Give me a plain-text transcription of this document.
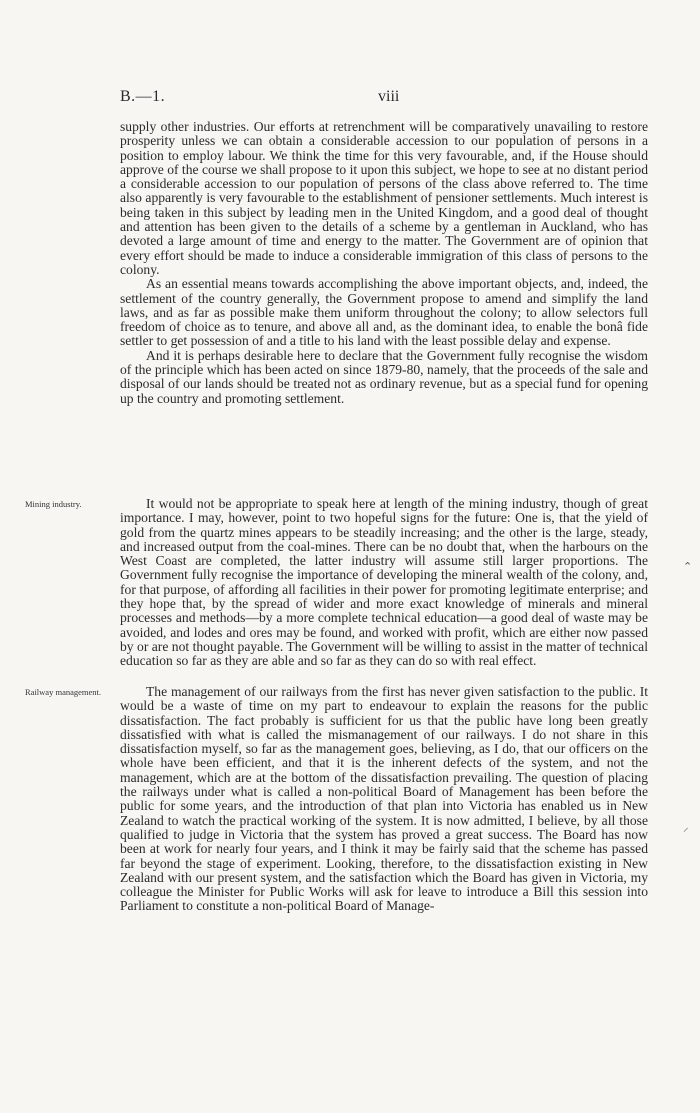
B.—1.	viii

supply other industries. Our efforts at retrenchment will be comparatively unavailing to restore prosperity unless we can obtain a considerable accession to our population of persons in a position to employ labour. We think the time for this very favourable, and, if the House should approve of the course we shall propose to it upon this subject, we hope to see at no distant period a considerable accession to our population of persons of the class above referred to. The time also apparently is very favourable to the establishment of pensioner settlements. Much interest is being taken in this subject by leading men in the United Kingdom, and a good deal of thought and attention has been given to the details of a scheme by a gentleman in Auckland, who has devoted a large amount of time and energy to the matter. The Government are of opinion that every effort should be made to induce a considerable immigration of this class of persons to the colony.

As an essential means towards accomplishing the above important objects, and, indeed, the settlement of the country generally, the Government propose to amend and simplify the land laws, and as far as possible make them uniform throughout the colony; to allow selectors full freedom of choice as to tenure, and above all and, as the dominant idea, to enable the bonâ fide settler to get possession of and a title to his land with the least possible delay and expense.

And it is perhaps desirable here to declare that the Government fully recognise the wisdom of the principle which has been acted on since 1879-80, namely, that the proceeds of the sale and disposal of our lands should be treated not as ordinary revenue, but as a special fund for opening up the country and promoting settlement.

Mining industry.	It would not be appropriate to speak here at length of the mining industry, though of great importance. I may, however, point to two hopeful signs for the future: One is, that the yield of gold from the quartz mines appears to be steadily increasing; and the other is the large, steady, and increased output from the coal-mines. There can be no doubt that, when the harbours on the West Coast are completed, the latter industry will assume still larger proportions. The Government fully recognise the importance of developing the mineral wealth of the colony, and, for that purpose, of affording all facilities in their power for promoting legitimate enterprise; and they hope that, by the spread of wider and more exact knowledge of minerals and mineral processes and methods—by a more complete technical education—a good deal of waste may be avoided, and lodes and ores may be found, and worked with profit, which are either now passed by or are not thought payable. The Government will be willing to assist in the matter of technical education so far as they are able and so far as they can do so with real effect.

Railway management.	The management of our railways from the first has never given satisfaction to the public. It would be a waste of time on my part to endeavour to explain the reasons for the public dissatisfaction. The fact probably is sufficient for us that the public have long been greatly dissatisfied with what is called the mismanagement of our railways. I do not share in this dissatisfaction myself, so far as the management goes, believing, as I do, that our officers on the whole have been efficient, and that it is the inherent defects of the system, and not the management, which are at the bottom of the dissatisfaction prevailing. The question of placing the railways under what is called a non-political Board of Management has been before the public for some years, and the introduction of that plan into Victoria has enabled us in New Zealand to watch the practical working of the system. It is now admitted, I believe, by all those qualified to judge in Victoria that the system has proved a great success. The Board has now been at work for nearly four years, and I think it may be fairly said that the scheme has passed far beyond the stage of experiment. Looking, therefore, to the dissatisfaction existing in New Zealand with our present system, and the satisfaction which the Board has given in Victoria, my colleague the Minister for Public Works will ask for leave to introduce a Bill this session into Parliament to constitute a non-political Board of Manage-

⌃
⸝
